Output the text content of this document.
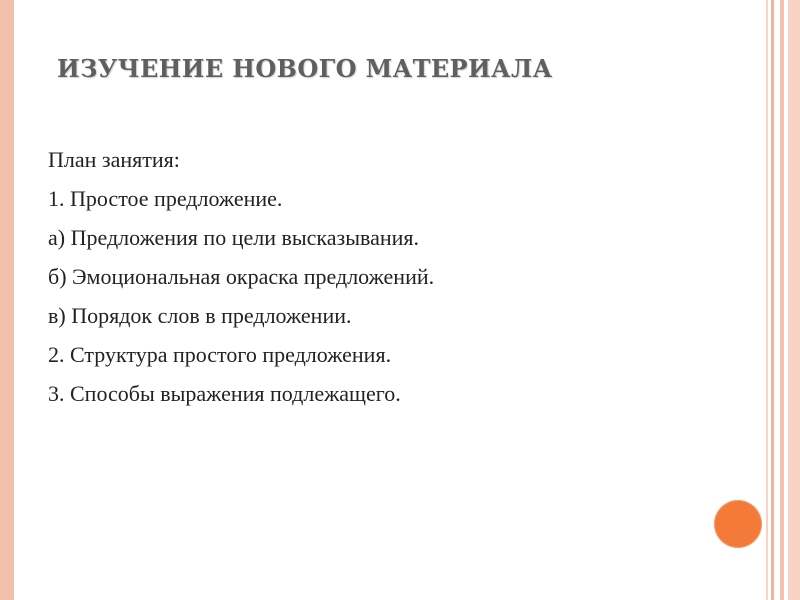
ИЗУЧЕНИЕ НОВОГО МАТЕРИАЛА
План занятия:
1. Простое предложение.
а) Предложения по цели высказывания.
б) Эмоциональная окраска предложений.
в) Порядок слов в предложении.
2. Структура простого предложения.
3. Способы выражения подлежащего.
